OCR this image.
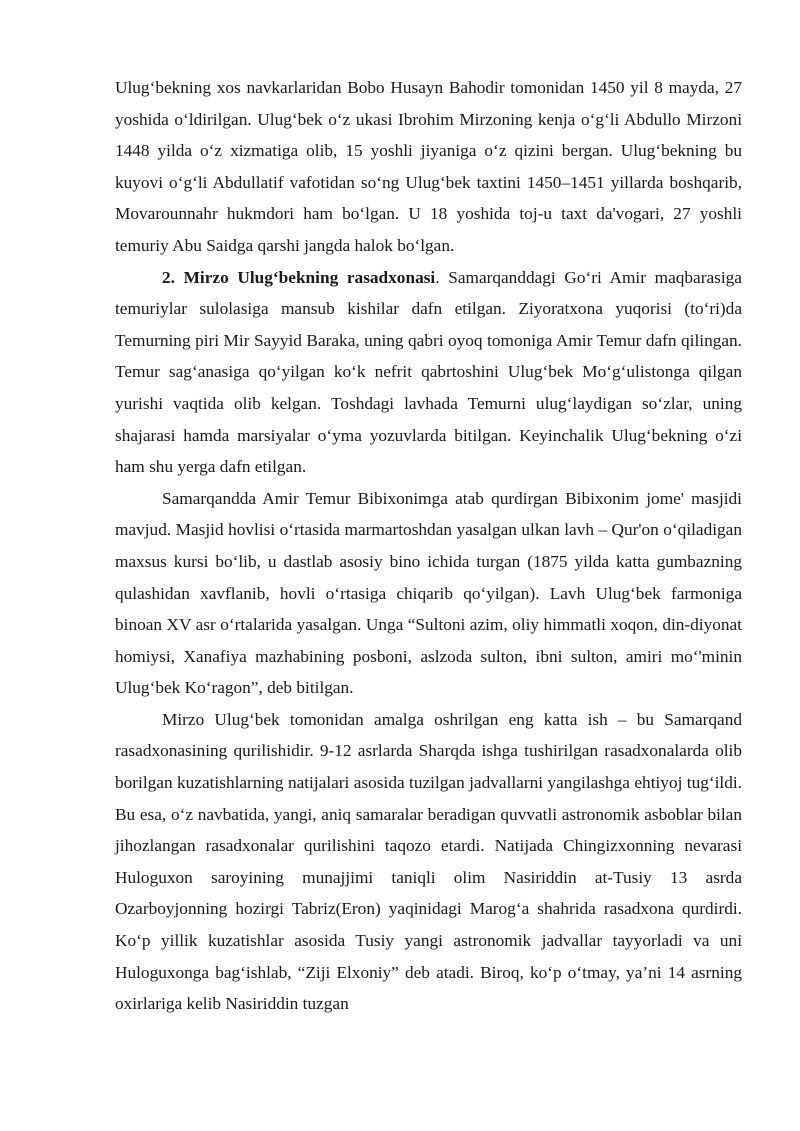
Ulug‘bekning xos navkarlaridan Bobo Husayn Bahodir tomonidan 1450 yil 8 mayda, 27 yoshida o‘ldirilgan. Ulug‘bek o‘z ukasi Ibrohim Mirzoning kenja o‘g‘li Abdullo Mirzoni 1448 yilda o‘z xizmatiga olib, 15 yoshli jiyaniga o‘z qizini bergan. Ulug‘bekning bu kuyovi o‘g‘li Abdullatif vafotidan so‘ng Ulug‘bek taxtini 1450–1451 yillarda boshqarib, Movarounnahr hukmdori ham bo‘lgan. U 18 yoshida toj-u taxt da'vogari, 27 yoshli temuriy Abu Saidga qarshi jangda halok bo‘lgan.

2. Mirzo Ulug‘bekning rasadxonasi. Samarqanddagi Go‘ri Amir maqbarasiga temuriylar sulolasiga mansub kishilar dafn etilgan. Ziyoratxona yuqorisi (to‘ri)da Temurning piri Mir Sayyid Baraka, uning qabri oyoq tomoniga Amir Temur dafn qilingan. Temur sag‘anasiga qo‘yilgan ko‘k nefrit qabrtoshini Ulug‘bek Mo‘g‘ulistonga qilgan yurishi vaqtida olib kelgan. Toshdagi lavhada Temurni ulug‘laydigan so‘zlar, uning shajarasi hamda marsiyalar o‘yma yozuvlarda bitilgan. Keyinchalik Ulug‘bekning o‘zi ham shu yerga dafn etilgan.

Samarqandda Amir Temur Bibixonimga atab qurdirgan Bibixonim jome' masjidi mavjud. Masjid hovlisi o‘rtasida marmartoshdan yasalgan ulkan lavh – Qur'on o‘qiladigan maxsus kursi bo‘lib, u dastlab asosiy bino ichida turgan (1875 yilda katta gumbazning qulashidan xavflanib, hovli o‘rtasiga chiqarib qo‘yilgan). Lavh Ulug‘bek farmoniga binoan XV asr o‘rtalarida yasalgan. Unga “Sultoni azim, oliy himmatli xoqon, din-diyonat homiysi, Xanafiya mazhabining posboni, aslzoda sulton, ibni sulton, amiri mo‘'minin Ulug‘bek Ko‘ragon”, deb bitilgan.

Mirzo Ulug‘bek tomonidan amalga oshrilgan eng katta ish – bu Samarqand rasadxonasining qurilishidir. 9-12 asrlarda Sharqda ishga tushirilgan rasadxonalarda olib borilgan kuzatishlarning natijalari asosida tuzilgan jadvallarni yangilashga ehtiyoj tug‘ildi. Bu esa, o‘z navbatida, yangi, aniq samaralar beradigan quvvatli astronomik asboblar bilan jihozlangan rasadxonalar qurilishini taqozo etardi. Natijada Chingizxonning nevarasi Huloguxon saroyining munajjimi taniqli olim Nasiriddin at-Tusiy 13 asrda Ozarboyjonning hozirgi Tabriz(Eron) yaqinidagi Marog‘a shahrida rasadxona qurdirdi. Ko‘p yillik kuzatishlar asosida Tusiy yangi astronomik jadvallar tayyorladi va uni Huloguxonga bag‘ishlab, “Ziji Elxoniy” deb atadi. Biroq, ko‘p o‘tmay, ya’ni 14 asrning oxirlariga kelib Nasiriddin tuzgan
